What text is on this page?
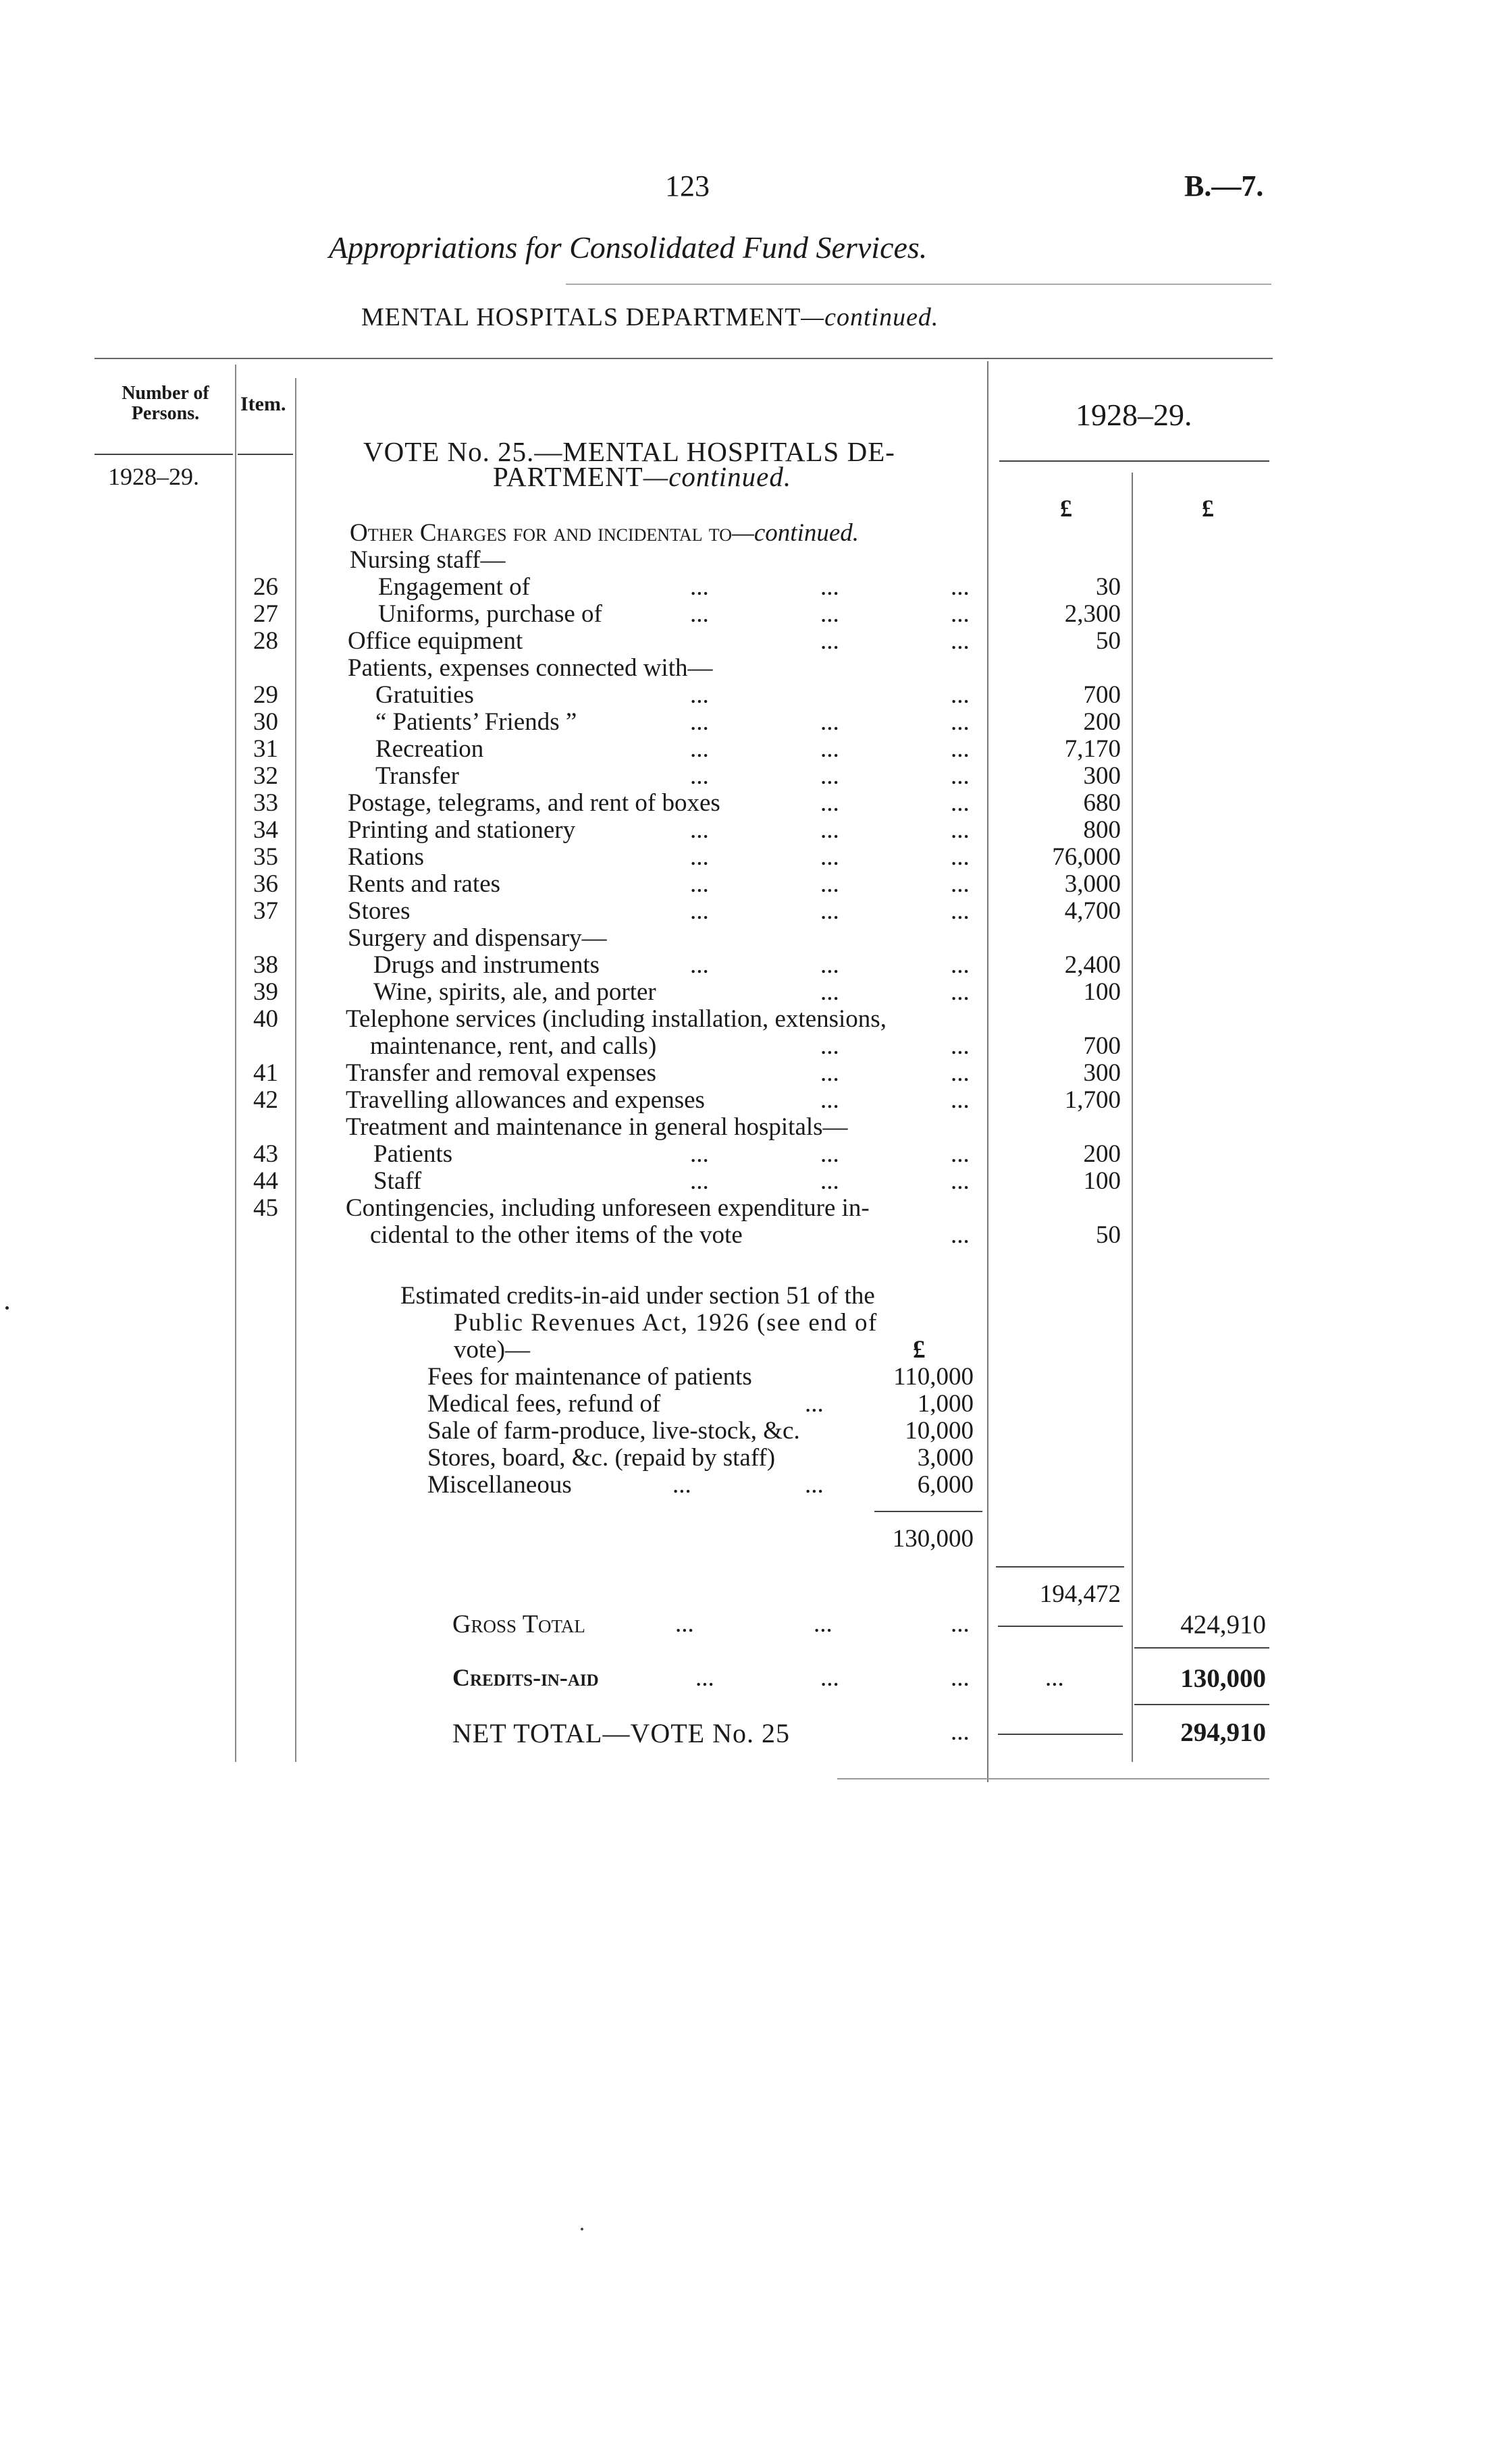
123	B.—7.
Appropriations for Consolidated Fund Services.
MENTAL HOSPITALS DEPARTMENT—continued.
Number of Persons.
1928–29.
Item.	1928–29.
£	£
VOTE No. 25.—MENTAL HOSPITALS DE-
PARTMENT—continued.
Other Charges for and incidental to—continued.
Nursing staff—
26	Engagement of	...	...	...	30
27	Uniforms, purchase of	...	...	...	2,300
28	Office equipment	...	...	50
Patients, expenses connected with—
29	Gratuities	...	...	700
30	“ Patients’ Friends ”	...	...	...	200
31	Recreation	...	...	...	7,170
32	Transfer	...	...	...	300
33	Postage, telegrams, and rent of boxes	...	...	680
34	Printing and stationery	...	...	...	800
35	Rations	...	...	...	76,000
36	Rents and rates	...	...	...	3,000
37	Stores	...	...	...	4,700
Surgery and dispensary—
38	Drugs and instruments	...	...	...	2,400
39	Wine, spirits, ale, and porter	...	...	100
40	Telephone services (including installation, extensions,
maintenance, rent, and calls)	...	...	700
41	Transfer and removal expenses	...	...	300
42	Travelling allowances and expenses	...	...	1,700
Treatment and maintenance in general hospitals—
43	Patients	...	...	...	200
44	Staff	...	...	...	100
45	Contingencies, including unforeseen expenditure in-
cidental to the other items of the vote	...	50
Estimated credits-in-aid under section 51 of the
Public Revenues Act, 1926 (see end of
vote)—	£
Fees for maintenance of patients	110,000
Medical fees, refund of	...	1,000
Sale of farm-produce, live-stock, &c.	10,000
Stores, board, &c. (repaid by staff)	3,000
Miscellaneous	...	...	6,000
130,000
194,472
Gross Total	...	...	...	424,910
Credits-in-aid	...	...	...	...	130,000
NET TOTAL—VOTE No. 25	...	294,910
